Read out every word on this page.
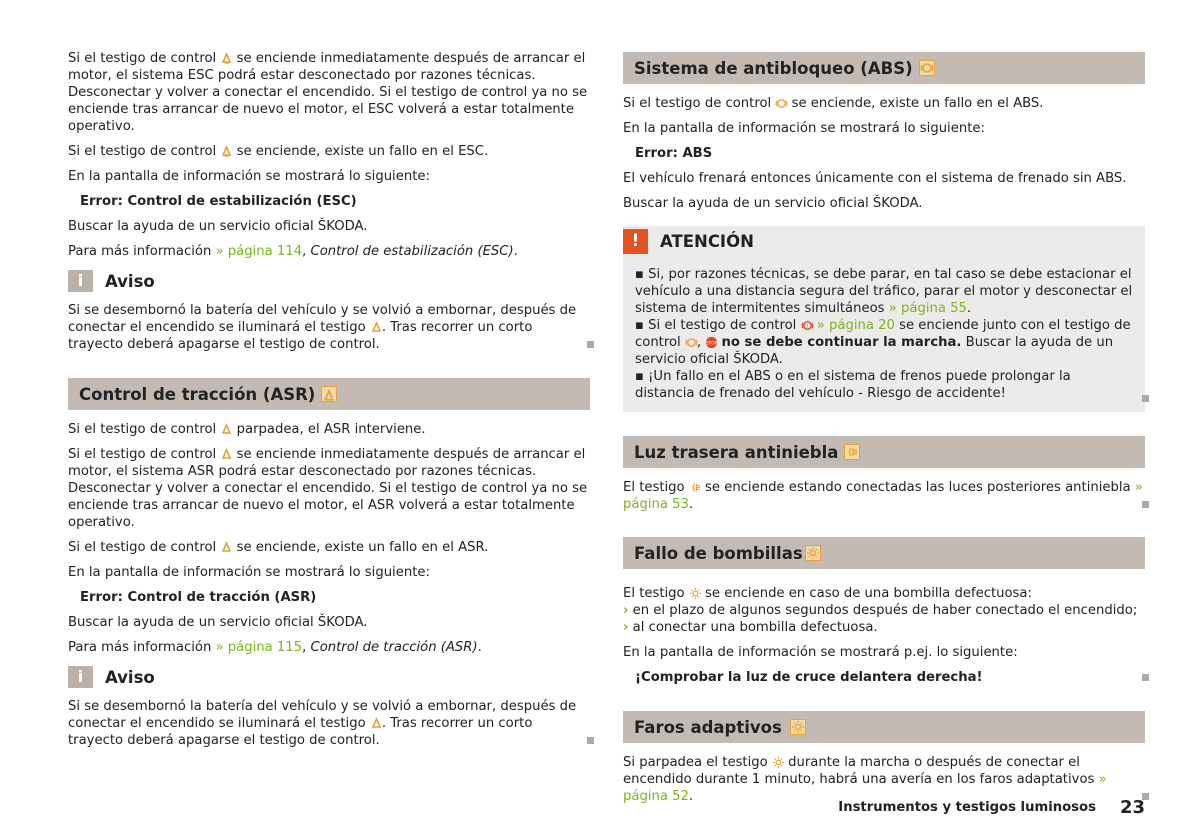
Si el testigo de control  se enciende inmediatamente después de arrancar el motor, el sistema ESC podrá estar desconectado por razones técnicas. Desconectar y volver a conectar el encendido. Si el testigo de control ya no se enciende tras arrancar de nuevo el motor, el ESC volverá a estar totalmente operativo.

Si el testigo de control se enciende, existe un fallo en el ESC.

En la pantalla de información se mostrará lo siguiente:

Error: Control de estabilización (ESC)

Buscar la ayuda de un servicio oficial ŠKODA.

Para más información » página 114, Control de estabilización (ESC).

i	Aviso

Si se desembornó la batería del vehículo y se volvió a embornar, después de conectar el encendido se iluminará el testigo . Tras recorrer un corto trayecto deberá apagarse el testigo de control.

Control de tracción (ASR)

Si el testigo de control parpadea, el ASR interviene.

Si el testigo de control se enciende inmediatamente después de arrancar el motor, el sistema ASR podrá estar desconectado por razones técnicas. Desconectar y volver a conectar el encendido. Si el testigo de control ya no se enciende tras arrancar de nuevo el motor, el ASR volverá a estar totalmente operativo.

Si el testigo de control se enciende, existe un fallo en el ASR.

En la pantalla de información se mostrará lo siguiente:

Error: Control de tracción (ASR)

Buscar la ayuda de un servicio oficial ŠKODA.

Para más información » página 115, Control de tracción (ASR).

i	Aviso

Si se desembornó la batería del vehículo y se volvió a embornar, después de conectar el encendido se iluminará el testigo . Tras recorrer un corto trayecto deberá apagarse el testigo de control.

Sistema de antibloqueo (ABS)

Si el testigo de control se enciende, existe un fallo en el ABS.

En la pantalla de información se mostrará lo siguiente:

Error: ABS

El vehículo frenará entonces únicamente con el sistema de frenado sin ABS.

Buscar la ayuda de un servicio oficial ŠKODA.

!	ATENCIÓN

▪ Si, por razones técnicas, se debe parar, en tal caso se debe estacionar el vehículo a una distancia segura del tráfico, parar el motor y desconectar el sistema de intermitentes simultáneos » página 55.

▪ Si el testigo de control ! » página 20 se enciende junto con el testigo de control , STOP no se debe continuar la marcha. Buscar la ayuda de un servicio oficial ŠKODA.

▪ ¡Un fallo en el ABS o en el sistema de frenos puede prolongar la distancia de frenado del vehículo - Riesgo de accidente!

Luz trasera antiniebla

El testigo se enciende estando conectadas las luces posteriores antiniebla » página 53.

Fallo de bombillas

El testigo se enciende en caso de una bombilla defectuosa:
› en el plazo de algunos segundos después de haber conectado el encendido;
› al conectar una bombilla defectuosa.

En la pantalla de información se mostrará p.ej. lo siguiente:

¡Comprobar la luz de cruce delantera derecha!

Faros adaptivos

Si parpadea el testigo durante la marcha o después de conectar el encendido durante 1 minuto, habrá una avería en los faros adaptativos » página 52.

Instrumentos y testigos luminosos 23
